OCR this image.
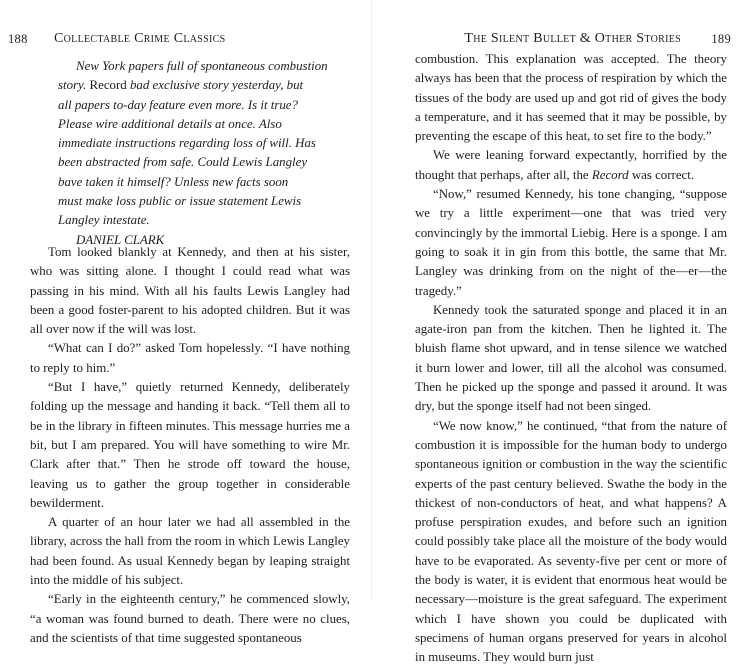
188 Collectable Crime Classics
New York papers full of spontaneous combustion
story. Record bad exclusive story yesterday, but
all papers to-day feature even more. Is it true?
Please wire additional details at once. Also
immediate instructions regarding loss of will. Has
been abstracted from safe. Could Lewis Langley
bave taken it himself? Unless new facts soon
must make loss public or issue statement Lewis
Langley intestate.
DANIEL CLARK

Tom looked blankly at Kennedy, and then at his sister, who was sitting alone. I thought I could read what was passing in his mind. With all his faults Lewis Langley had been a good foster-parent to his adopted children. But it was all over now if the will was lost.

“What can I do?” asked Tom hopelessly. “I have nothing to reply to him.”

“But I have,” quietly returned Kennedy, deliberately folding up the message and handing it back. “Tell them all to be in the library in fifteen minutes. This message hurries me a bit, but I am prepared. You will have something to wire Mr. Clark after that.” Then he strode off toward the house, leaving us to gather the group together in considerable bewilderment.

A quarter of an hour later we had all assembled in the library, across the hall from the room in which Lewis Langley had been found. As usual Kennedy began by leaping straight into the middle of his subject.

“Early in the eighteenth century,” he commenced slowly, “a woman was found burned to death. There were no clues, and the scientists of that time suggested spontaneous

The Silent Bullet & Other Stories 189

combustion. This explanation was accepted. The theory always has been that the process of respiration by which the tissues of the body are used up and got rid of gives the body a temperature, and it has seemed that it may be possible, by preventing the escape of this heat, to set fire to the body.”

We were leaning forward expectantly, horrified by the thought that perhaps, after all, the Record was correct.

“Now,” resumed Kennedy, his tone changing, “suppose we try a little experiment—one that was tried very convincingly by the immortal Liebig. Here is a sponge. I am going to soak it in gin from this bottle, the same that Mr. Langley was drinking from on the night of the—er—the tragedy.”

Kennedy took the saturated sponge and placed it in an agate-iron pan from the kitchen. Then he lighted it. The bluish flame shot upward, and in tense silence we watched it burn lower and lower, till all the alcohol was consumed. Then he picked up the sponge and passed it around. It was dry, but the sponge itself had not been singed.

“We now know,” he continued, “that from the nature of combustion it is impossible for the human body to undergo spontaneous ignition or combustion in the way the scientific experts of the past century believed. Swathe the body in the thickest of non-conductors of heat, and what happens? A profuse perspiration exudes, and before such an ignition could possibly take place all the moisture of the body would have to be evaporated. As seventy-five per cent or more of the body is water, it is evident that enormous heat would be necessary—moisture is the great safeguard. The experiment which I have shown you could be duplicated with specimens of human organs preserved for years in alcohol in museums. They would burn just
